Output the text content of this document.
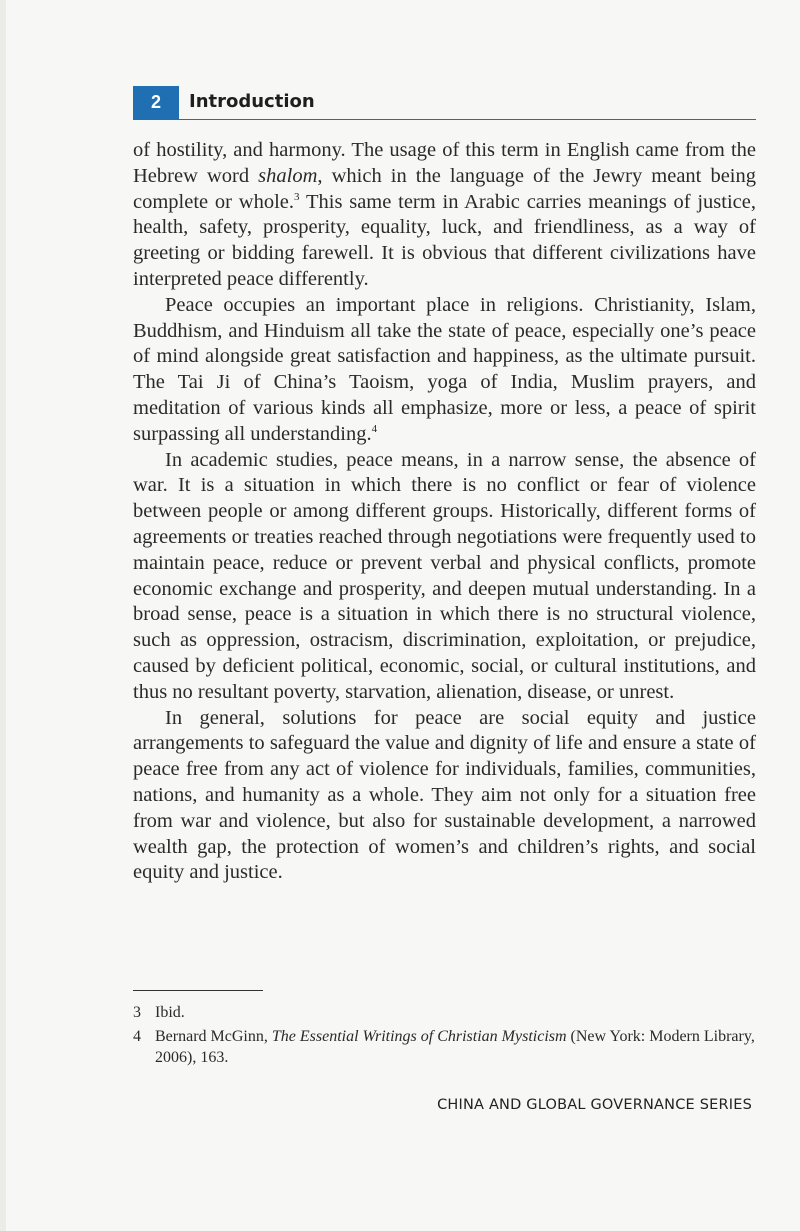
2	Introduction

of hostility, and harmony. The usage of this term in English came from the Hebrew word shalom, which in the language of the Jewry meant being complete or whole.$^3$ This same term in Arabic carries meanings of justice, health, safety, prosperity, equality, luck, and friendliness, as a way of greeting or bidding farewell. It is obvious that different civilizations have interpreted peace differently.

Peace occupies an important place in religions. Christianity, Islam, Buddhism, and Hinduism all take the state of peace, especially one’s peace of mind alongside great satisfaction and happiness, as the ultimate pursuit. The Tai Ji of China’s Taoism, yoga of India, Muslim prayers, and meditation of various kinds all emphasize, more or less, a peace of spirit surpassing all understanding.$^4$

In academic studies, peace means, in a narrow sense, the absence of war. It is a situation in which there is no conflict or fear of violence between people or among different groups. Historically, different forms of agreements or treaties reached through negotiations were frequently used to maintain peace, reduce or prevent verbal and physical conflicts, promote economic exchange and prosperity, and deepen mutual understanding. In a broad sense, peace is a situation in which there is no structural violence, such as oppression, ostracism, discrimination, exploitation, or prejudice, caused by deficient political, economic, social, or cultural institutions, and thus no resultant poverty, starvation, alienation, disease, or unrest.

In general, solutions for peace are social equity and justice arrangements to safeguard the value and dignity of life and ensure a state of peace free from any act of violence for individuals, families, communities, nations, and humanity as a whole. They aim not only for a situation free from war and violence, but also for sustainable development, a narrowed wealth gap, the protection of women’s and children’s rights, and social equity and justice.

3 Ibid.
4 Bernard McGinn, The Essential Writings of Christian Mysticism (New York: Modern Library, 2006), 163.
CHINA AND GLOBAL GOVERNANCE SERIES
